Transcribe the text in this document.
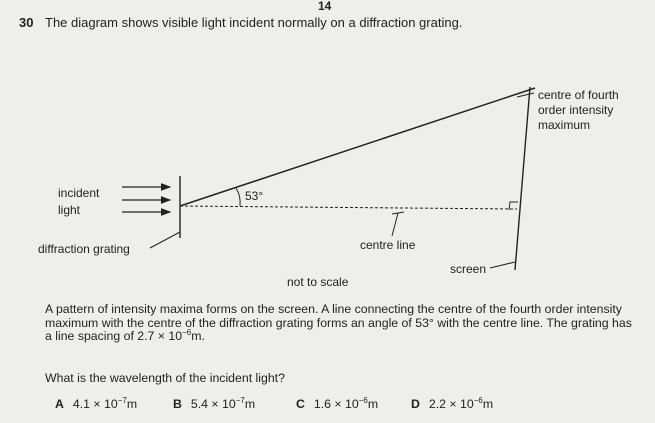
14
30 The diagram shows visible light incident normally on a diffraction grating.
incident
light
diffraction grating
53°
centre line
screen
not to scale
centre of fourth
order intensity
maximum
A pattern of intensity maxima forms on the screen. A line connecting the centre of the fourth order intensity maximum with the centre of the diffraction grating forms an angle of 53° with the centre line. The grating has a line spacing of $2.7 \times 10^{-6}m$.
What is the wavelength of the incident light?
A $4.1 \times 10^{-7}m$	B $5.4 \times 10^{-7}m$	C $1.6 \times 10^{-6}m$	D $2.2 \times 10^{-6}m$
